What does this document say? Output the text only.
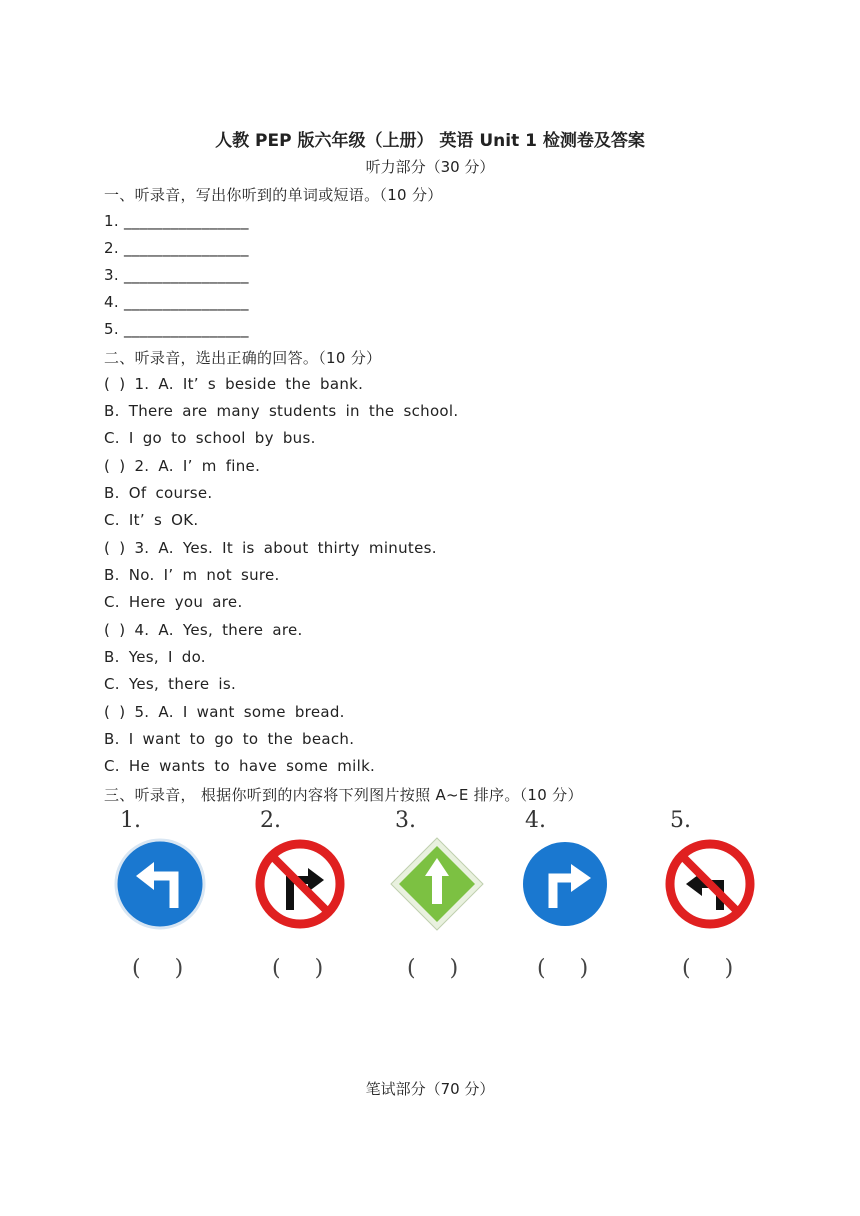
人教 PEP 版六年级（上册） 英语 Unit 1 检测卷及答案
听力部分（30 分）
一、听录音，写出你听到的单词或短语。（10 分）
1. ________________
2. ________________
3. ________________
4. ________________
5. ________________
二、听录音，选出正确的回答。（10 分）
( ) 1. A. It’ s beside the bank.
B. There are many students in the school.
C. I go to school by bus.
( ) 2. A. I’ m fine.
B. Of course.
C. It’ s OK.
( ) 3. A. Yes. It is about thirty minutes.
B. No. I’ m not sure.
C. Here you are.
( ) 4. A. Yes, there are.
B. Yes, I do.
C. Yes, there is.
( ) 5. A. I want some bread.
B. I want to go to the beach.
C. He wants to have some milk.
三、听录音， 根据你听到的内容将下列图片按照 A~E 排序。（10 分）
1.
()
2.
()
3.
()
4.
()
5.
()
笔试部分（70 分）
